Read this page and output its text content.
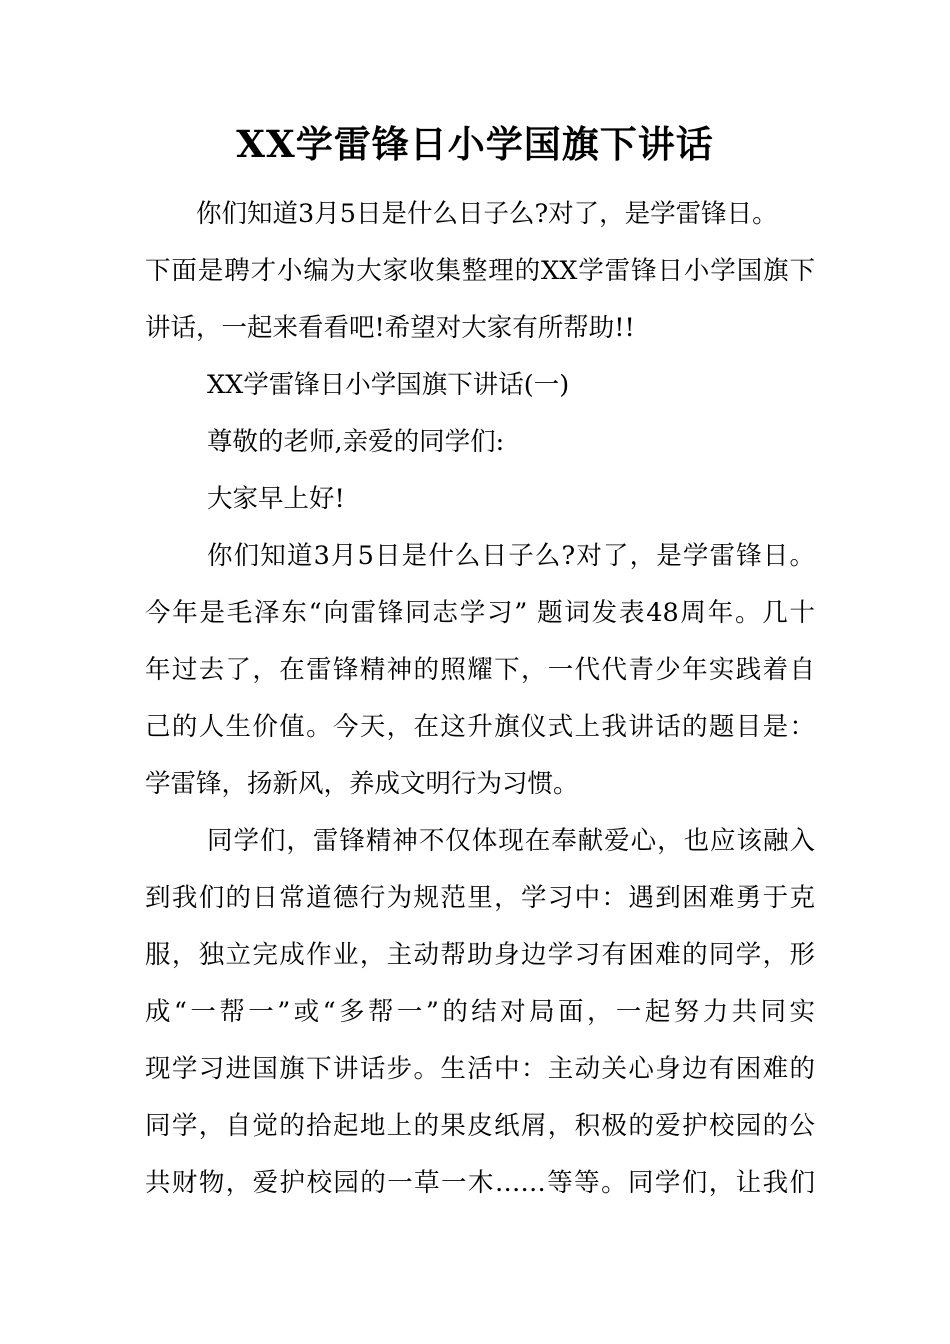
XX学雷锋日小学国旗下讲话
你们知道3月5日是什么日子么?对了，是学雷锋日。
下面是聘才小编为大家收集整理的XX学雷锋日小学国旗下
讲话，一起来看看吧!希望对大家有所帮助!!
XX学雷锋日小学国旗下讲话(一)
尊敬的老师,亲爱的同学们:
大家早上好!
你们知道3月5日是什么日子么?对了，是学雷锋日。
今年是毛泽东“向雷锋同志学习” 题词发表48周年。几十
年过去了，在雷锋精神的照耀下，一代代青少年实践着自
己的人生价值。今天，在这升旗仪式上我讲话的题目是：
学雷锋，扬新风，养成文明行为习惯。
同学们，雷锋精神不仅体现在奉献爱心，也应该融入
到我们的日常道德行为规范里，学习中：遇到困难勇于克
服，独立完成作业，主动帮助身边学习有困难的同学，形
成“一帮一”或“多帮一”的结对局面，一起努力共同实
现学习进国旗下讲话步。生活中：主动关心身边有困难的
同学，自觉的拾起地上的果皮纸屑，积极的爱护校园的公
共财物，爱护校园的一草一木……等等。同学们，让我们
